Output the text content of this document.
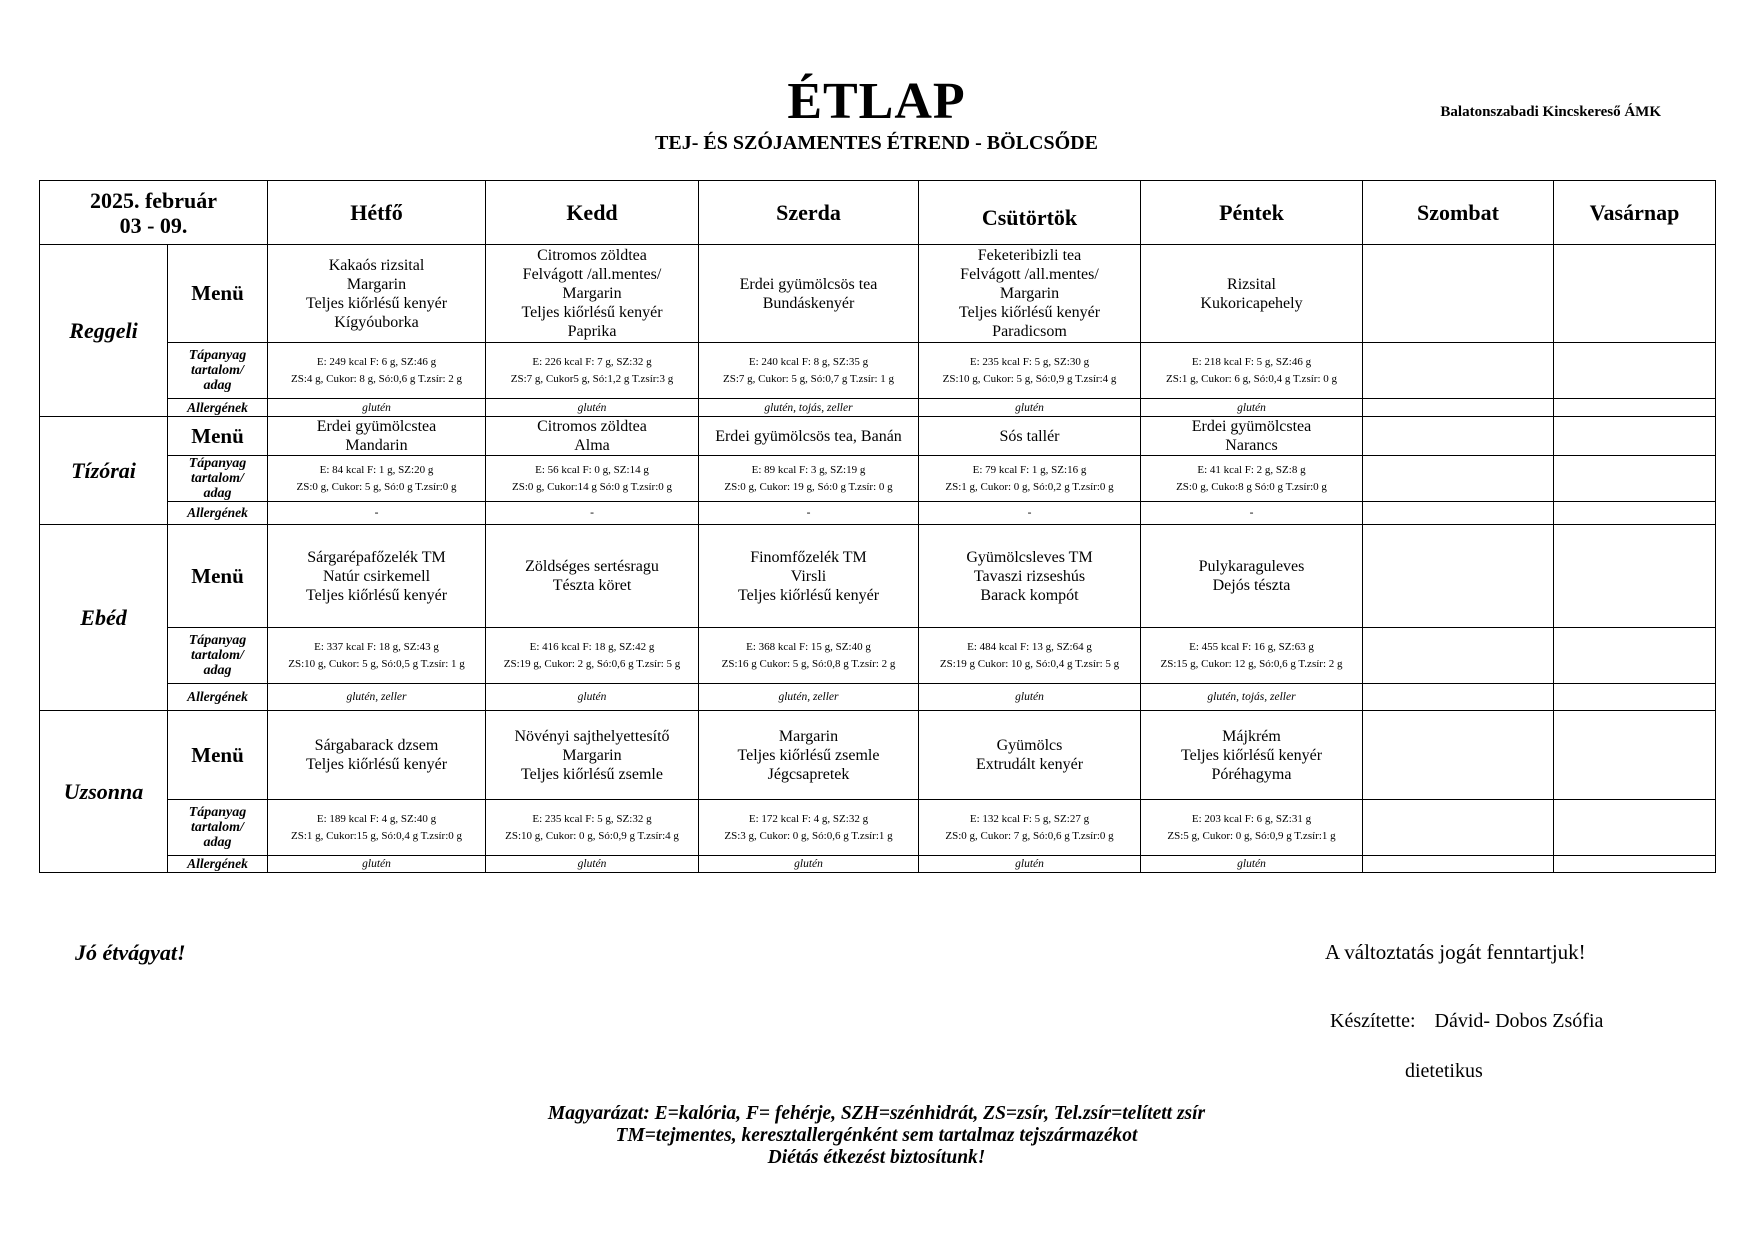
ÉTLAP
TEJ- ÉS SZÓJAMENTES ÉTREND - BÖLCSŐDE
Balatonszabadi Kincskereső ÁMK
2025. február
03 - 09.		Hétfő	Kedd	Szerda	Csütörtök	Péntek	Szombat	Vasárnap
Reggeli	Menü	Kakaós rizsital
Margarin
Teljes kiőrlésű kenyér
Kígyóuborka	Citromos zöldtea
Felvágott /all.mentes/
Margarin
Teljes kiőrlésű kenyér
Paprika	Erdei gyümölcsös tea
Bundáskenyér	Feketeribizli tea
Felvágott /all.mentes/
Margarin
Teljes kiőrlésű kenyér
Paradicsom	Rizsital
Kukoricapehely		

	Tápanyag
tartalom/
adag	E: 249 kcal F: 6 g, SZ:46 g
ZS:4 g, Cukor: 8 g, Só:0,6 g T.zsír: 2 g	E: 226 kcal F: 7 g, SZ:32 g
ZS:7 g, Cukor5 g, Só:1,2 g T.zsír:3 g	E: 240 kcal F: 8 g, SZ:35 g
ZS:7 g, Cukor: 5 g, Só:0,7 g T.zsír: 1 g	E: 235 kcal F: 5 g, SZ:30 g
ZS:10 g, Cukor: 5 g, Só:0,9 g T.zsír:4 g	E: 218 kcal F: 5 g, SZ:46 g
ZS:1 g, Cukor: 6 g, Só:0,4 g T.zsír: 0 g		

	Allergének	glutén	glutén	glutén, tojás, zeller	glutén	glutén		
Tízórai	Menü	Erdei gyümölcstea
Mandarin	Citromos zöldtea
Alma	Erdei gyümölcsös tea, Banán	Sós tallér	Erdei gyümölcstea
Narancs		

	Tápanyag
tartalom/
adag	E: 84 kcal F: 1 g, SZ:20 g
ZS:0 g, Cukor: 5 g, Só:0 g T.zsír:0 g	E: 56 kcal F: 0 g, SZ:14 g
ZS:0 g, Cukor:14 g Só:0 g T.zsír:0 g	E: 89 kcal F: 3 g, SZ:19 g
ZS:0 g, Cukor: 19 g, Só:0 g T.zsír: 0 g	E: 79 kcal F: 1 g, SZ:16 g
ZS:1 g, Cukor: 0 g, Só:0,2 g T.zsír:0 g	E: 41 kcal F: 2 g, SZ:8 g
ZS:0 g, Cuko:8 g Só:0 g T.zsír:0 g		

	Allergének	-	-	-	-	-		
Ebéd	Menü	Sárgarépafőzelék TM
Natúr csirkemell
Teljes kiőrlésű kenyér	Zöldséges sertésragu
Tészta köret	Finomfőzelék TM
Virsli
Teljes kiőrlésű kenyér	Gyümölcsleves TM
Tavaszi rizseshús
Barack kompót	Pulykaraguleves
Dejós tészta		

	Tápanyag
tartalom/
adag	E: 337 kcal F: 18 g, SZ:43 g
ZS:10 g, Cukor: 5 g, Só:0,5 g T.zsír: 1 g	E: 416 kcal F: 18 g, SZ:42 g
ZS:19 g, Cukor: 2 g, Só:0,6 g T.zsír: 5 g	E: 368 kcal F: 15 g, SZ:40 g
ZS:16 g Cukor: 5 g, Só:0,8 g T.zsír: 2 g	E: 484 kcal F: 13 g, SZ:64 g
ZS:19 g Cukor: 10 g, Só:0,4 g T.zsír: 5 g	E: 455 kcal F: 16 g, SZ:63 g
ZS:15 g, Cukor: 12 g, Só:0,6 g T.zsír: 2 g		

	Allergének	glutén, zeller	glutén	glutén, zeller	glutén	glutén, tojás, zeller		
Uzsonna	Menü	Sárgabarack dzsem
Teljes kiőrlésű kenyér	Növényi sajthelyettesítő
Margarin
Teljes kiőrlésű zsemle	Margarin
Teljes kiőrlésű zsemle
Jégcsapretek	Gyümölcs
Extrudált kenyér	Májkrém
Teljes kiőrlésű kenyér
Póréhagyma		

	Tápanyag
tartalom/
adag	E: 189 kcal F: 4 g, SZ:40 g
ZS:1 g, Cukor:15 g, Só:0,4 g T.zsír:0 g	E: 235 kcal F: 5 g, SZ:32 g
ZS:10 g, Cukor: 0 g, Só:0,9 g T.zsír:4 g	E: 172 kcal F: 4 g, SZ:32 g
ZS:3 g, Cukor: 0 g, Só:0,6 g T.zsír:1 g	E: 132 kcal F: 5 g, SZ:27 g
ZS:0 g, Cukor: 7 g, Só:0,6 g T.zsír:0 g	E: 203 kcal F: 6 g, SZ:31 g
ZS:5 g, Cukor: 0 g, Só:0,9 g T.zsír:1 g		

	Allergének	glutén	glutén	glutén	glutén	glutén		
Jó étvágyat!	A változtatás jogát fenntartjuk!
Készítette: Dávid- Dobos Zsófia
dietetikus
Magyarázat: E=kalória, F= fehérje, SZH=szénhidrát, ZS=zsír, Tel.zsír=telített zsír
TM=tejmentes, keresztallergénként sem tartalmaz tejszármazékot
Diétás étkezést biztosítunk!
